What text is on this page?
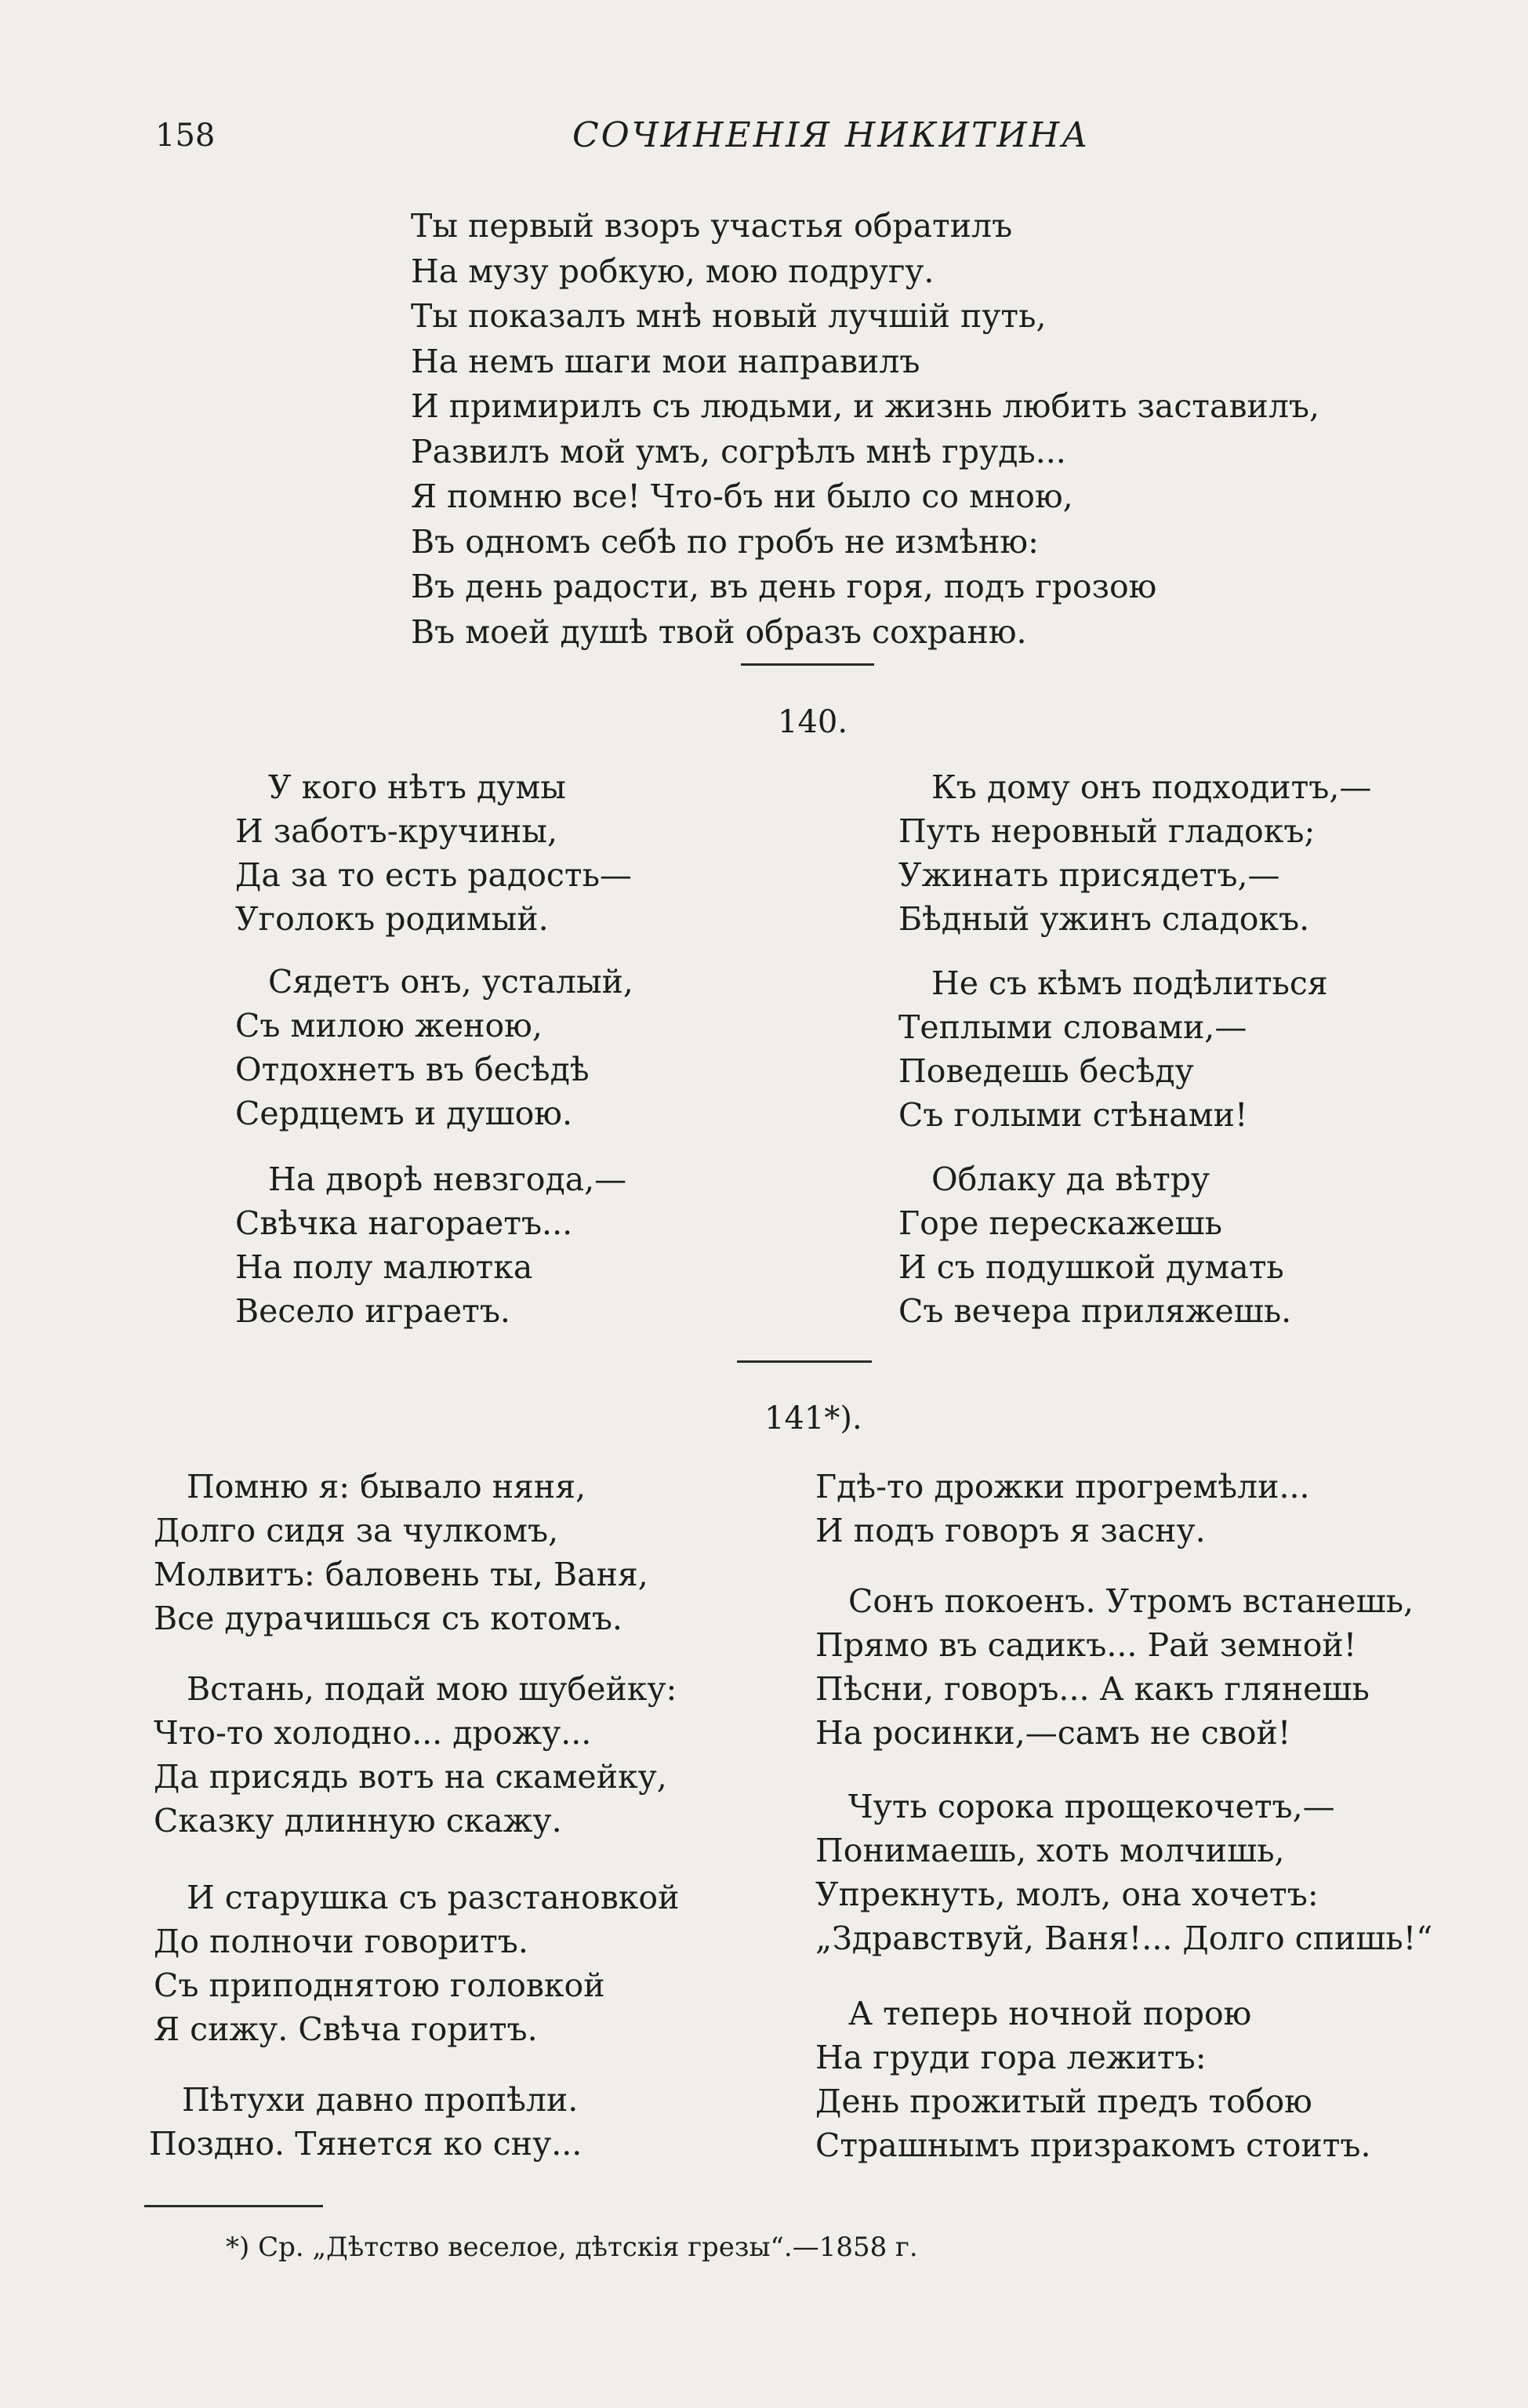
158	СОЧИНЕНІЯ НИКИТИНА
Ты первый взоръ участья обратилъ
На музу робкую, мою подругу.
Ты показалъ мнѣ новый лучшій путь,
На немъ шаги мои направилъ
И примирилъ съ людьми, и жизнь любить заставилъ,
Развилъ мой умъ, согрѣлъ мнѣ грудь...
Я помню все! Что-бъ ни было со мною,
Въ одномъ себѣ по гробъ не измѣню:
Въ день радости, въ день горя, подъ грозою
Въ моей душѣ твой образъ сохраню.
140.
У кого нѣтъ думы
И заботъ-кручины,
Да за то есть радость—
Уголокъ родимый.
Сядетъ онъ, усталый,
Съ милою женою,
Отдохнетъ въ бесѣдѣ
Сердцемъ и душою.
На дворѣ невзгода,—
Свѣчка нагораетъ...
На полу малютка
Весело играетъ.
Къ дому онъ подходитъ,—
Путь неровный гладокъ;
Ужинать присядетъ,—
Бѣдный ужинъ сладокъ.
Не съ кѣмъ подѣлиться
Теплыми словами,—
Поведешь бесѣду
Съ голыми стѣнами!
Облаку да вѣтру
Горе перескажешь
И съ подушкой думать
Съ вечера приляжешь.
141*).
Помню я: бывало няня,
Долго сидя за чулкомъ,
Молвитъ: баловень ты, Ваня,
Все дурачишься съ котомъ.
Встань, подай мою шубейку:
Что-то холодно... дрожу...
Да присядь вотъ на скамейку,
Сказку длинную скажу.
И старушка съ разстановкой
До полночи говоритъ.
Съ приподнятою головкой
Я сижу. Свѣча горитъ.
Пѣтухи давно пропѣли.
Поздно. Тянется ко сну...
Гдѣ-то дрожки прогремѣли...
И подъ говоръ я засну.
Сонъ покоенъ. Утромъ встанешь,
Прямо въ садикъ... Рай земной!
Пѣсни, говоръ... А какъ глянешь
На росинки,—самъ не свой!
Чуть сорока прощекочетъ,—
Понимаешь, хоть молчишь,
Упрекнуть, молъ, она хочетъ:
„Здравствуй, Ваня!... Долго спишь!“
А теперь ночной порою
На груди гора лежитъ:
День прожитый предъ тобою
Страшнымъ призракомъ стоитъ.
*) Ср. „Дѣтство веселое, дѣтскія грезы“.—1858 г.
